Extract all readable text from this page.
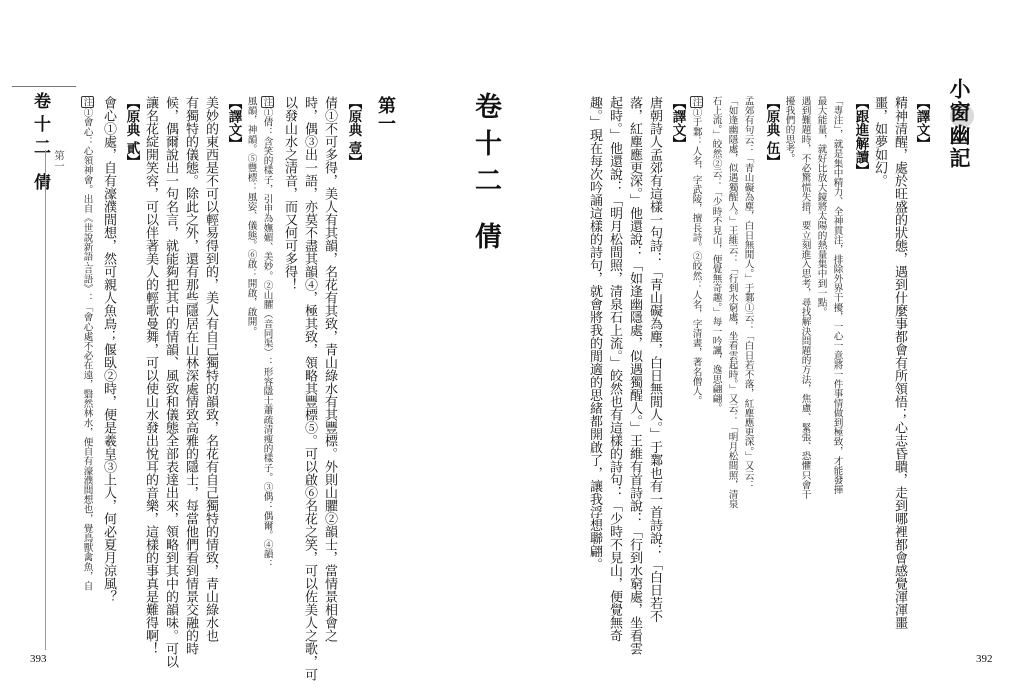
卷十二 倩 第一	卷十二 倩
第一
【原典 壹】
倩①不可多得，美人有其韻，名花有其致，青山綠水有其豐標。外則山臞②韻士，當情景相會之
時，偶③出一語，亦莫不盡其韻④，極其致，領略其豐標⑤。可以啟⑥名花之笑，可以佐美人之歌，可
以發山水之清音，而又何可多得！
注①倩：含笑的樣子，引申為嫵媚、美妙。②山臞（音同渠）：形容隱士蕭疏清瘦的樣子。③偶：偶爾。④韻：
風韻，神韻。⑤豐標：風姿、儀態。⑥啟：開啟，啟開。
【譯文】
美妙的東西是不可以輕易得到的，美人有自己獨特的韻致，名花有自己獨特的情致，青山綠水也
有獨特的儀態。除此之外，還有那些隱居在山林深處情致高雅的隱士，每當他們看到情景交融的時
候，偶爾說出一句名言，就能夠把其中的情韻、風致和儀態全部表達出來，領略到其中的韻味。可以
讓名花綻開笑容，可以伴著美人的輕歌曼舞，可以使山水發出悅耳的音樂，這樣的事真是難得啊！
【原典 貳】
會心①處，自有濠濮間想，然可親人魚鳥；偃臥②時，便是羲皇③上人，何必夏月涼風？
注①會心：心領神會。出自《世說新語·言語》：「會心處不必在遠，翳然林水，便自有濠濮間想也，覺鳥獸禽魚，自
393
小窗幽記
【譯文】
精神清醒，處於旺盛的狀態，遇到什麼事都會有所領悟；心志昏聵，走到哪裡都會感覺渾渾噩
噩，如夢如幻。
【跟進解讀】
「專注」，就是集中精力、全神貫注，排除外界干擾，一心一意將一件事情做到極致，才能發揮
最大能量，就好比放大鏡將太陽的熱量集中到一點。
遇到難題時，不必驚慌失措，要立刻進入思考，尋找解決問題的方法，焦慮、緊張、恐懼只會干
擾我們的思考。
【原典 伍】
孟郊有句云：「青山礙為塵，白日無閒人。」于鄴①云：「白日若不落，紅塵應更深。」又云：
「如逢幽隱處，似遇獨醒人。」王維云：「行到水窮處，坐看雲起時。」又云：「明月松間照，清泉
石上流。」皎然②云：「少時不見山，便覺無奇趣。」每一吟諷，逸思翩翩。
注①于鄴：人名，字武陵，擅長詩。②皎然：人名，字清晝，著名僧人。
【譯文】
唐朝詩人孟郊有這樣一句詩：「青山礙為塵，白日無閒人。」于鄴也有一首詩說：「白日若不
落，紅塵應更深。」他還說：「如逢幽隱處，似遇獨醒人。」王維有首詩說：「行到水窮處，坐看雲
起時。」他還說：「明月松間照，清泉石上流。」皎然也有這樣的詩句：「少時不見山，便覺無奇
趣。」現在每次吟誦這樣的詩句，就會將我的閒適的思緒都開啟了，讓我浮想聯翩。
392
